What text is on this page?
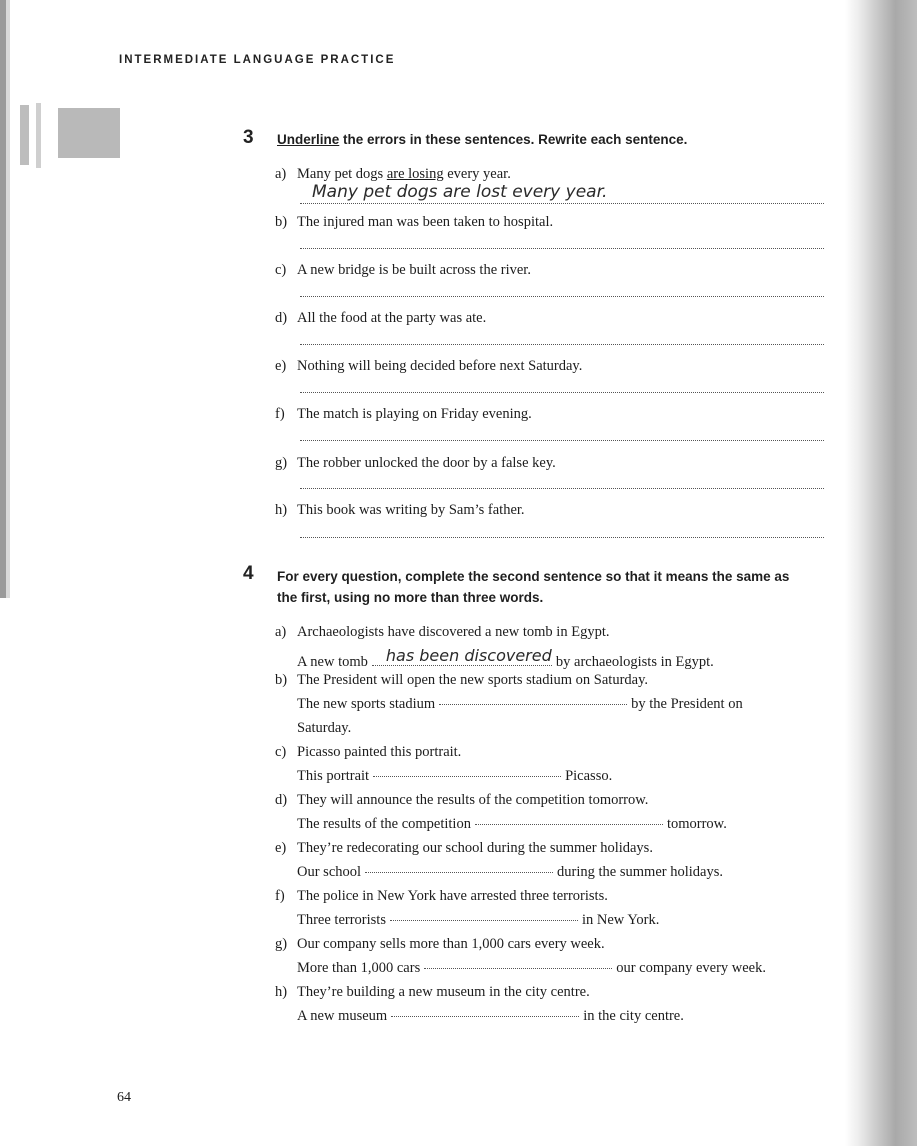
INTERMEDIATE LANGUAGE PRACTICE
3 Underline the errors in these sentences. Rewrite each sentence.
a) Many pet dogs are losing every year.
Many pet dogs are lost every year.
b) The injured man was been taken to hospital.
c) A new bridge is be built across the river.
d) All the food at the party was ate.
e) Nothing will being decided before next Saturday.
f) The match is playing on Friday evening.
g) The robber unlocked the door by a false key.
h) This book was writing by Sam’s father.
4 For every question, complete the second sentence so that it means the same as
the first, using no more than three words.
a) Archaeologists have discovered a new tomb in Egypt.
A new tomb has been discovered by archaeologists in Egypt.
b) The President will open the new sports stadium on Saturday.
The new sports stadium	by the President on
Saturday.
c) Picasso painted this portrait.
This portrait	Picasso.
d) They will announce the results of the competition tomorrow.
The results of the competition	tomorrow.
e) They’re redecorating our school during the summer holidays.
Our school	during the summer holidays.
f) The police in New York have arrested three terrorists.
Three terrorists	in New York.
g) Our company sells more than 1,000 cars every week.
More than 1,000 cars	our company every week.
h) They’re building a new museum in the city centre.
A new museum	in the city centre.
64
